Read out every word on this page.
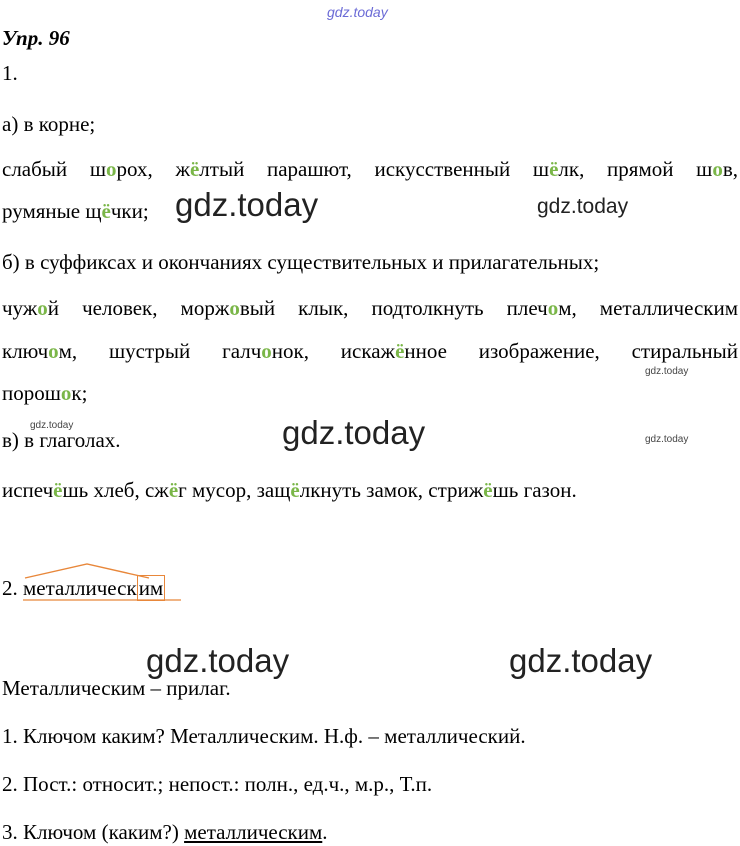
gdz.today
Упр. 96
1.
а) в корне;
слабый шорох, жёлтый парашют, искусственный шёлк, прямой шов,
румяные щёчки;
б) в суффиксах и окончаниях существительных и прилагательных;
чужой человек, моржовый клык, подтолкнуть плечом, металлическим
ключом, шустрый галчонок, искажённое изображение, стиральный
порошок;
в) в глаголах.
испечёшь хлеб, сжёг мусор, защёлкнуть замок, стрижёшь газон.
2. металлическим
Металлическим – прилаг.
1. Ключом каким? Металлическим. Н.ф. – металлический.
2. Пост.: относит.; непост.: полн., ед.ч., м.р., Т.п.
3. Ключом (каким?) металлическим.
gdz.today	gdz.today
gdz.today
gdz.today	gdz.today	gdz.today
gdz.today	gdz.today
